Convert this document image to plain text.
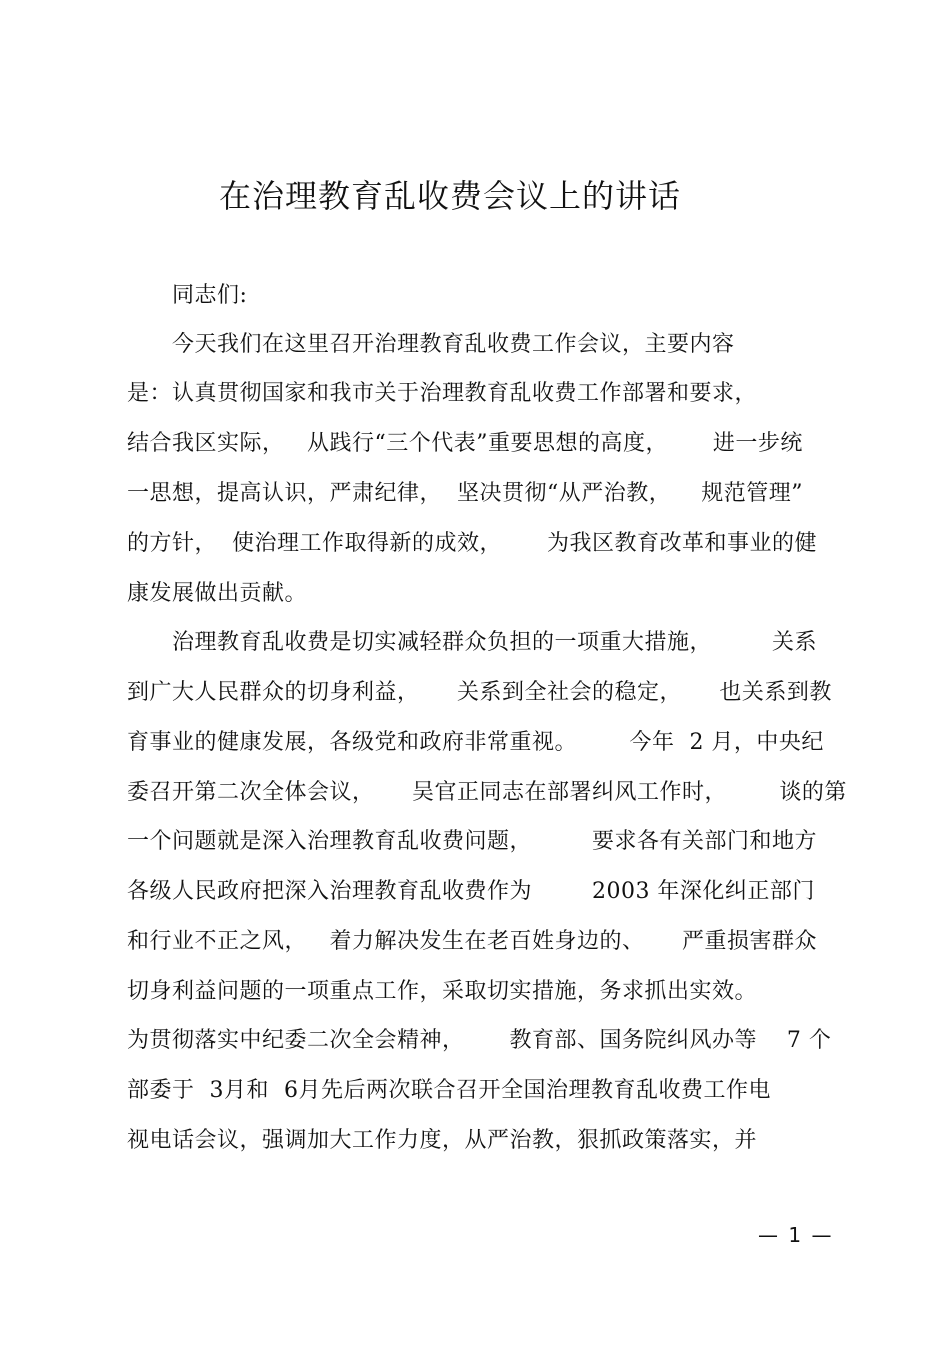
在治理教育乱收费会议上的讲话
　　同志们:
　　今天我们在这里召开治理教育乱收费工作会议，主要内容
是：认真贯彻国家和我市关于治理教育乱收费工作部署和要求，
结合我区实际，   从践行“三个代表”重要思想的高度，      进一步统
一思想，提高认识，严肃纪律，  坚决贯彻“从严治教，    规范管理”
的方针，  使治理工作取得新的成效，      为我区教育改革和事业的健
康发展做出贡献。
　　治理教育乱收费是切实减轻群众负担的一项重大措施，        关系
到广大人民群众的切身利益，     关系到全社会的稳定，     也关系到教
育事业的健康发展，各级党和政府非常重视。       今年  2 月，中央纪
委召开第二次全体会议，     吴官正同志在部署纠风工作时，       谈的第
一个问题就是深入治理教育乱收费问题，        要求各有关部门和地方
各级人民政府把深入治理教育乱收费作为        2003 年深化纠正部门
和行业不正之风，   着力解决发生在老百姓身边的、     严重损害群众
切身利益问题的一项重点工作，采取切实措施，务求抓出实效。
为贯彻落实中纪委二次全会精神，      教育部、国务院纠风办等    7 个
部委于  3月和  6月先后两次联合召开全国治理教育乱收费工作电
视电话会议，强调加大工作力度，从严治教，狠抓政策落实，并
— 1 —
